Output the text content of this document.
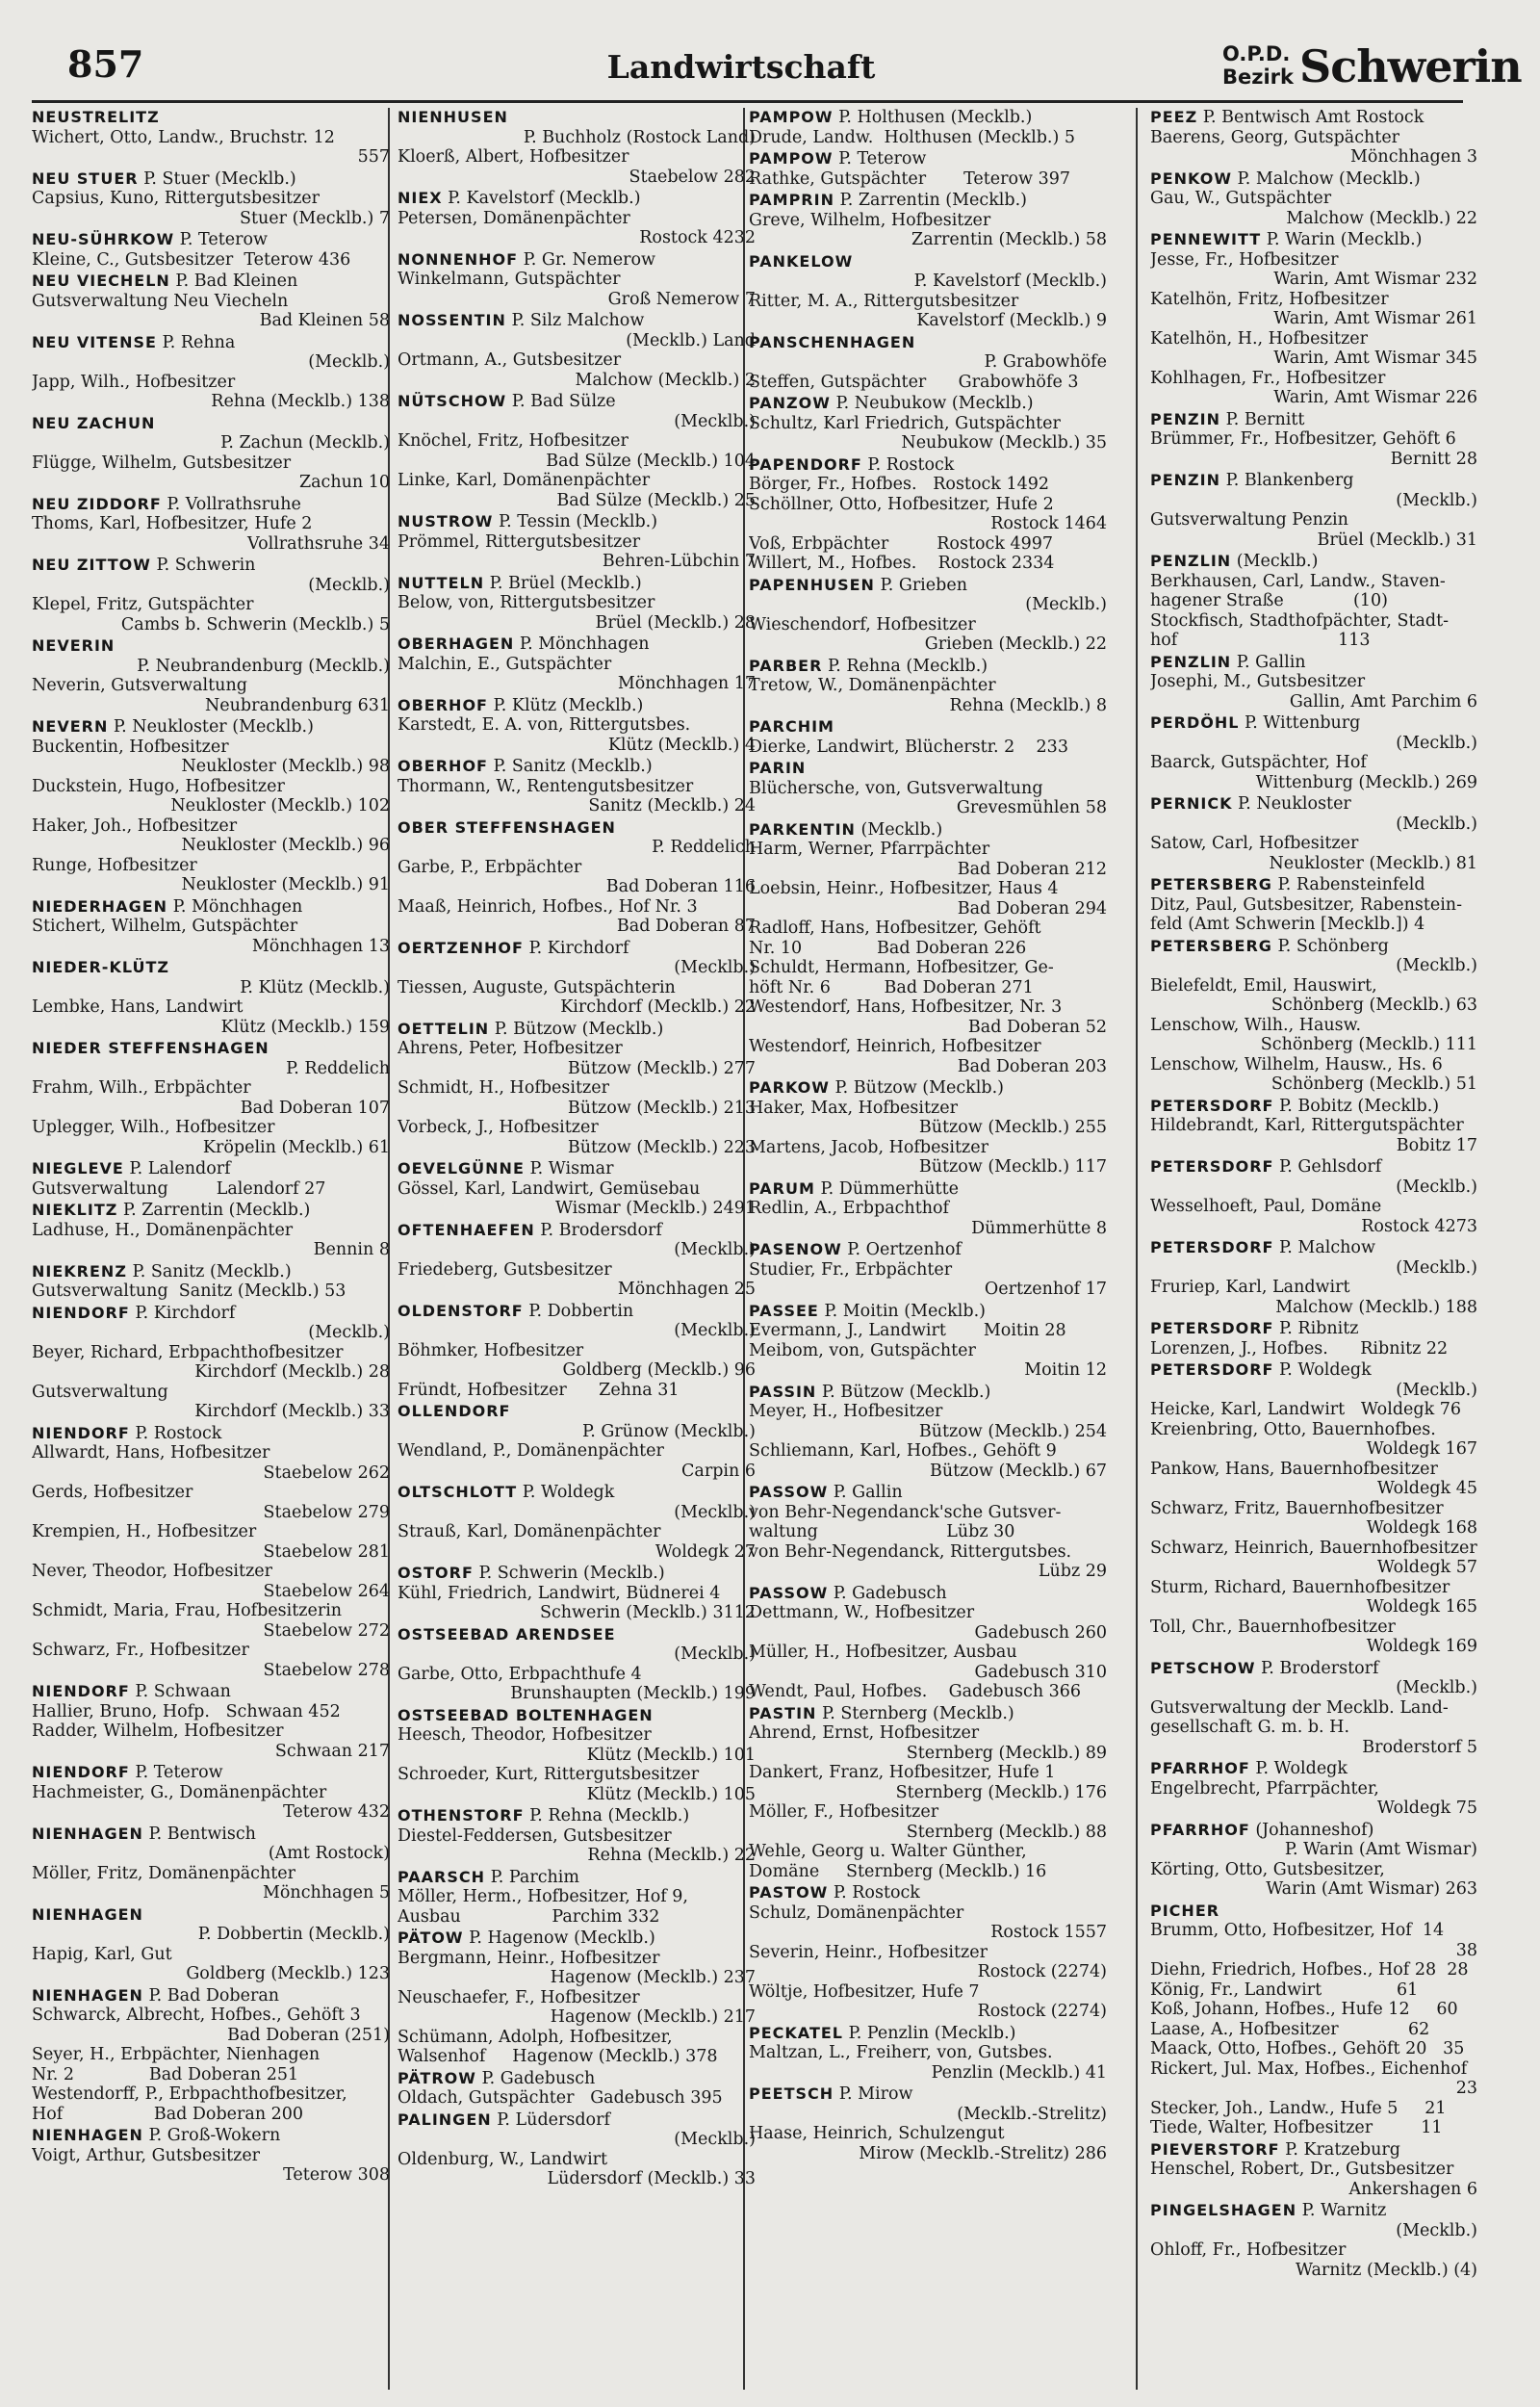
857	Landwirtschaft	O.P.D.
Bezirk Schwerin
NEUSTRELITZ
Wichert, Otto, Landw., Bruchstr. 12
557
NEU STUER P. Stuer (Mecklb.)
Capsius, Kuno, Rittergutsbesitzer
Stuer (Mecklb.) 7
NEU-SÜHRKOW P. Teterow
Kleine, C., Gutsbesitzer  Teterow 436
NEU VIECHELN P. Bad Kleinen
Gutsverwaltung Neu Viecheln
Bad Kleinen 58
NEU VITENSE P. Rehna
(Mecklb.)
Japp, Wilh., Hofbesitzer
Rehna (Mecklb.) 138
NEU ZACHUN
P. Zachun (Mecklb.)
Flügge, Wilhelm, Gutsbesitzer
Zachun 10
NEU ZIDDORF P. Vollrathsruhe
Thoms, Karl, Hofbesitzer, Hufe 2
Vollrathsruhe 34
NEU ZITTOW P. Schwerin
(Mecklb.)
Klepel, Fritz, Gutspächter
Cambs b. Schwerin (Mecklb.) 5
NEVERIN
P. Neubrandenburg (Mecklb.)
Neverin, Gutsverwaltung
Neubrandenburg 631
NEVERN P. Neukloster (Mecklb.)
Buckentin, Hofbesitzer
Neukloster (Mecklb.) 98
Duckstein, Hugo, Hofbesitzer
Neukloster (Mecklb.) 102
Haker, Joh., Hofbesitzer
Neukloster (Mecklb.) 96
Runge, Hofbesitzer
Neukloster (Mecklb.) 91
NIEDERHAGEN P. Mönchhagen
Stichert, Wilhelm, Gutspächter
Mönchhagen 13
NIEDER-KLÜTZ
P. Klütz (Mecklb.)
Lembke, Hans, Landwirt
Klütz (Mecklb.) 159
NIEDER STEFFENSHAGEN
P. Reddelich
Frahm, Wilh., Erbpächter
Bad Doberan 107
Uplegger, Wilh., Hofbesitzer
Kröpelin (Mecklb.) 61
NIEGLEVE P. Lalendorf
Gutsverwaltung         Lalendorf 27
NIEKLITZ P. Zarrentin (Mecklb.)
Ladhuse, H., Domänenpächter
Bennin 8
NIEKRENZ P. Sanitz (Mecklb.)
Gutsverwaltung  Sanitz (Mecklb.) 53
NIENDORF P. Kirchdorf
(Mecklb.)
Beyer, Richard, Erbpachthofbesitzer
Kirchdorf (Mecklb.) 28
Gutsverwaltung
Kirchdorf (Mecklb.) 33
NIENDORF P. Rostock
Allwardt, Hans, Hofbesitzer
Staebelow 262
Gerds, Hofbesitzer
Staebelow 279
Krempien, H., Hofbesitzer
Staebelow 281
Never, Theodor, Hofbesitzer
Staebelow 264
Schmidt, Maria, Frau, Hofbesitzerin
Staebelow 272
Schwarz, Fr., Hofbesitzer
Staebelow 278
NIENDORF P. Schwaan
Hallier, Bruno, Hofp.   Schwaan 452
Radder, Wilhelm, Hofbesitzer
Schwaan 217
NIENDORF P. Teterow
Hachmeister, G., Domänenpächter
Teterow 432
NIENHAGEN P. Bentwisch
(Amt Rostock)
Möller, Fritz, Domänenpächter
Mönchhagen 5
NIENHAGEN
P. Dobbertin (Mecklb.)
Hapig, Karl, Gut
Goldberg (Mecklb.) 123
NIENHAGEN P. Bad Doberan
Schwarck, Albrecht, Hofbes., Gehöft 3
Bad Doberan (251)
Seyer, H., Erbpächter, Nienhagen
Nr. 2              Bad Doberan 251
Westendorff, P., Erbpachthofbesitzer,
Hof                 Bad Doberan 200
NIENHAGEN P. Groß-Wokern
Voigt, Arthur, Gutsbesitzer
Teterow 308
NIENHUSEN
P. Buchholz (Rostock Land)
Kloerß, Albert, Hofbesitzer
Staebelow 282
NIEX P. Kavelstorf (Mecklb.)
Petersen, Domänenpächter
Rostock 4232
NONNENHOF P. Gr. Nemerow
Winkelmann, Gutspächter
Groß Nemerow 7
NOSSENTIN P. Silz Malchow
(Mecklb.) Land
Ortmann, A., Gutsbesitzer
Malchow (Mecklb.) 2
NÜTSCHOW P. Bad Sülze
(Mecklb.)
Knöchel, Fritz, Hofbesitzer
Bad Sülze (Mecklb.) 104
Linke, Karl, Domänenpächter
Bad Sülze (Mecklb.) 25
NUSTROW P. Tessin (Mecklb.)
Prömmel, Rittergutsbesitzer
Behren-Lübchin 7
NUTTELN P. Brüel (Mecklb.)
Below, von, Rittergutsbesitzer
Brüel (Mecklb.) 28
OBERHAGEN P. Mönchhagen
Malchin, E., Gutspächter
Mönchhagen 17
OBERHOF P. Klütz (Mecklb.)
Karstedt, E. A. von, Rittergutsbes.
Klütz (Mecklb.) 4
OBERHOF P. Sanitz (Mecklb.)
Thormann, W., Rentengutsbesitzer
Sanitz (Mecklb.) 24
OBER STEFFENSHAGEN
P. Reddelich
Garbe, P., Erbpächter
Bad Doberan 116
Maaß, Heinrich, Hofbes., Hof Nr. 3
Bad Doberan 87
OERTZENHOF P. Kirchdorf
(Mecklb.)
Tiessen, Auguste, Gutspächterin
Kirchdorf (Mecklb.) 22
OETTELIN P. Bützow (Mecklb.)
Ahrens, Peter, Hofbesitzer
Bützow (Mecklb.) 277
Schmidt, H., Hofbesitzer
Bützow (Mecklb.) 213
Vorbeck, J., Hofbesitzer
Bützow (Mecklb.) 223
OEVELGÜNNE P. Wismar
Gössel, Karl, Landwirt, Gemüsebau
Wismar (Mecklb.) 2491
OFTENHAEFEN P. Brodersdorf
(Mecklb.)
Friedeberg, Gutsbesitzer
Mönchhagen 25
OLDENSTORF P. Dobbertin
(Mecklb.)
Böhmker, Hofbesitzer
Goldberg (Mecklb.) 96
Fründt, Hofbesitzer      Zehna 31
OLLENDORF
P. Grünow (Mecklb.)
Wendland, P., Domänenpächter
Carpin 6
OLTSCHLOTT P. Woldegk
(Mecklb.)
Strauß, Karl, Domänenpächter
Woldegk 27
OSTORF P. Schwerin (Mecklb.)
Kühl, Friedrich, Landwirt, Büdnerei 4
Schwerin (Mecklb.) 3112
OSTSEEBAD ARENDSEE
(Mecklb.)
Garbe, Otto, Erbpachthufe 4
Brunshaupten (Mecklb.) 199
OSTSEEBAD BOLTENHAGEN
Heesch, Theodor, Hofbesitzer
Klütz (Mecklb.) 101
Schroeder, Kurt, Rittergutsbesitzer
Klütz (Mecklb.) 105
OTHENSTORF P. Rehna (Mecklb.)
Diestel-Feddersen, Gutsbesitzer
Rehna (Mecklb.) 22
PAARSCH P. Parchim
Möller, Herm., Hofbesitzer, Hof 9,
Ausbau                 Parchim 332
PÄTOW P. Hagenow (Mecklb.)
Bergmann, Heinr., Hofbesitzer
Hagenow (Mecklb.) 237
Neuschaefer, F., Hofbesitzer
Hagenow (Mecklb.) 217
Schümann, Adolph, Hofbesitzer,
Walsenhof     Hagenow (Mecklb.) 378
PÄTROW P. Gadebusch
Oldach, Gutspächter   Gadebusch 395
PALINGEN P. Lüdersdorf
(Mecklb.)
Oldenburg, W., Landwirt
Lüdersdorf (Mecklb.) 33
PAMPOW P. Holthusen (Mecklb.)
Drude, Landw.  Holthusen (Mecklb.) 5
PAMPOW P. Teterow
Rathke, Gutspächter       Teterow 397
PAMPRIN P. Zarrentin (Mecklb.)
Greve, Wilhelm, Hofbesitzer
Zarrentin (Mecklb.) 58
PANKELOW
P. Kavelstorf (Mecklb.)
Ritter, M. A., Rittergutsbesitzer
Kavelstorf (Mecklb.) 9
PANSCHENHAGEN
P. Grabowhöfe
Steffen, Gutspächter      Grabowhöfe 3
PANZOW P. Neubukow (Mecklb.)
Schultz, Karl Friedrich, Gutspächter
Neubukow (Mecklb.) 35
PAPENDORF P. Rostock
Börger, Fr., Hofbes.   Rostock 1492
Schöllner, Otto, Hofbesitzer, Hufe 2
Rostock 1464
Voß, Erbpächter         Rostock 4997
Willert, M., Hofbes.    Rostock 2334
PAPENHUSEN P. Grieben
(Mecklb.)
Wieschendorf, Hofbesitzer
Grieben (Mecklb.) 22
PARBER P. Rehna (Mecklb.)
Tretow, W., Domänenpächter
Rehna (Mecklb.) 8
PARCHIM
Dierke, Landwirt, Blücherstr. 2    233
PARIN
Blüchersche, von, Gutsverwaltung
Grevesmühlen 58
PARKENTIN (Mecklb.)
Harm, Werner, Pfarrpächter
Bad Doberan 212
Loebsin, Heinr., Hofbesitzer, Haus 4
Bad Doberan 294
Radloff, Hans, Hofbesitzer, Gehöft
Nr. 10              Bad Doberan 226
Schuldt, Hermann, Hofbesitzer, Ge-
höft Nr. 6          Bad Doberan 271
Westendorf, Hans, Hofbesitzer, Nr. 3
Bad Doberan 52
Westendorf, Heinrich, Hofbesitzer
Bad Doberan 203
PARKOW P. Bützow (Mecklb.)
Haker, Max, Hofbesitzer
Bützow (Mecklb.) 255
Martens, Jacob, Hofbesitzer
Bützow (Mecklb.) 117
PARUM P. Dümmerhütte
Redlin, A., Erbpachthof
Dümmerhütte 8
PASENOW P. Oertzenhof
Studier, Fr., Erbpächter
Oertzenhof 17
PASSEE P. Moitin (Mecklb.)
Evermann, J., Landwirt       Moitin 28
Meibom, von, Gutspächter
Moitin 12
PASSIN P. Bützow (Mecklb.)
Meyer, H., Hofbesitzer
Bützow (Mecklb.) 254
Schliemann, Karl, Hofbes., Gehöft 9
Bützow (Mecklb.) 67
PASSOW P. Gallin
von Behr-Negendanck'sche Gutsver-
waltung                        Lübz 30
von Behr-Negendanck, Rittergutsbes.
Lübz 29
PASSOW P. Gadebusch
Dettmann, W., Hofbesitzer
Gadebusch 260
Müller, H., Hofbesitzer, Ausbau
Gadebusch 310
Wendt, Paul, Hofbes.    Gadebusch 366
PASTIN P. Sternberg (Mecklb.)
Ahrend, Ernst, Hofbesitzer
Sternberg (Mecklb.) 89
Dankert, Franz, Hofbesitzer, Hufe 1
Sternberg (Mecklb.) 176
Möller, F., Hofbesitzer
Sternberg (Mecklb.) 88
Wehle, Georg u. Walter Günther,
Domäne     Sternberg (Mecklb.) 16
PASTOW P. Rostock
Schulz, Domänenpächter
Rostock 1557
Severin, Heinr., Hofbesitzer
Rostock (2274)
Wöltje, Hofbesitzer, Hufe 7
Rostock (2274)
PECKATEL P. Penzlin (Mecklb.)
Maltzan, L., Freiherr, von, Gutsbes.
Penzlin (Mecklb.) 41
PEETSCH P. Mirow
(Mecklb.-Strelitz)
Haase, Heinrich, Schulzengut
Mirow (Mecklb.-Strelitz) 286
PEEZ P. Bentwisch Amt Rostock
Baerens, Georg, Gutspächter
Mönchhagen 3
PENKOW P. Malchow (Mecklb.)
Gau, W., Gutspächter
Malchow (Mecklb.) 22
PENNEWITT P. Warin (Mecklb.)
Jesse, Fr., Hofbesitzer
Warin, Amt Wismar 232
Katelhön, Fritz, Hofbesitzer
Warin, Amt Wismar 261
Katelhön, H., Hofbesitzer
Warin, Amt Wismar 345
Kohlhagen, Fr., Hofbesitzer
Warin, Amt Wismar 226
PENZIN P. Bernitt
Brümmer, Fr., Hofbesitzer, Gehöft 6
Bernitt 28
PENZIN P. Blankenberg
(Mecklb.)
Gutsverwaltung Penzin
Brüel (Mecklb.) 31
PENZLIN (Mecklb.)
Berkhausen, Carl, Landw., Staven-
hagener Straße             (10)
Stockfisch, Stadthofpächter, Stadt-
hof                              113
PENZLIN P. Gallin
Josephi, M., Gutsbesitzer
Gallin, Amt Parchim 6
PERDÖHL P. Wittenburg
(Mecklb.)
Baarck, Gutspächter, Hof
Wittenburg (Mecklb.) 269
PERNICK P. Neukloster
(Mecklb.)
Satow, Carl, Hofbesitzer
Neukloster (Mecklb.) 81
PETERSBERG P. Rabensteinfeld
Ditz, Paul, Gutsbesitzer, Rabenstein-
feld (Amt Schwerin [Mecklb.]) 4
PETERSBERG P. Schönberg
(Mecklb.)
Bielefeldt, Emil, Hauswirt,
Schönberg (Mecklb.) 63
Lenschow, Wilh., Hausw.
Schönberg (Mecklb.) 111
Lenschow, Wilhelm, Hausw., Hs. 6
Schönberg (Mecklb.) 51
PETERSDORF P. Bobitz (Mecklb.)
Hildebrandt, Karl, Rittergutspächter
Bobitz 17
PETERSDORF P. Gehlsdorf
(Mecklb.)
Wesselhoeft, Paul, Domäne
Rostock 4273
PETERSDORF P. Malchow
(Mecklb.)
Fruriep, Karl, Landwirt
Malchow (Mecklb.) 188
PETERSDORF P. Ribnitz
Lorenzen, J., Hofbes.      Ribnitz 22
PETERSDORF P. Woldegk
(Mecklb.)
Heicke, Karl, Landwirt   Woldegk 76
Kreienbring, Otto, Bauernhofbes.
Woldegk 167
Pankow, Hans, Bauernhofbesitzer
Woldegk 45
Schwarz, Fritz, Bauernhofbesitzer
Woldegk 168
Schwarz, Heinrich, Bauernhofbesitzer
Woldegk 57
Sturm, Richard, Bauernhofbesitzer
Woldegk 165
Toll, Chr., Bauernhofbesitzer
Woldegk 169
PETSCHOW P. Broderstorf
(Mecklb.)
Gutsverwaltung der Mecklb. Land-
gesellschaft G. m. b. H.
Broderstorf 5
PFARRHOF P. Woldegk
Engelbrecht, Pfarrpächter,
Woldegk 75
PFARRHOF (Johanneshof)
P. Warin (Amt Wismar)
Körting, Otto, Gutsbesitzer,
Warin (Amt Wismar) 263
PICHER
Brumm, Otto, Hofbesitzer, Hof  14
38
Diehn, Friedrich, Hofbes., Hof 28  28
König, Fr., Landwirt              61
Koß, Johann, Hofbes., Hufe 12     60
Laase, A., Hofbesitzer             62
Maack, Otto, Hofbes., Gehöft 20   35
Rickert, Jul. Max, Hofbes., Eichenhof
23
Stecker, Joh., Landw., Hufe 5     21
Tiede, Walter, Hofbesitzer         11
PIEVERSTORF P. Kratzeburg
Henschel, Robert, Dr., Gutsbesitzer
Ankershagen 6
PINGELSHAGEN P. Warnitz
(Mecklb.)
Ohloff, Fr., Hofbesitzer
Warnitz (Mecklb.) (4)
